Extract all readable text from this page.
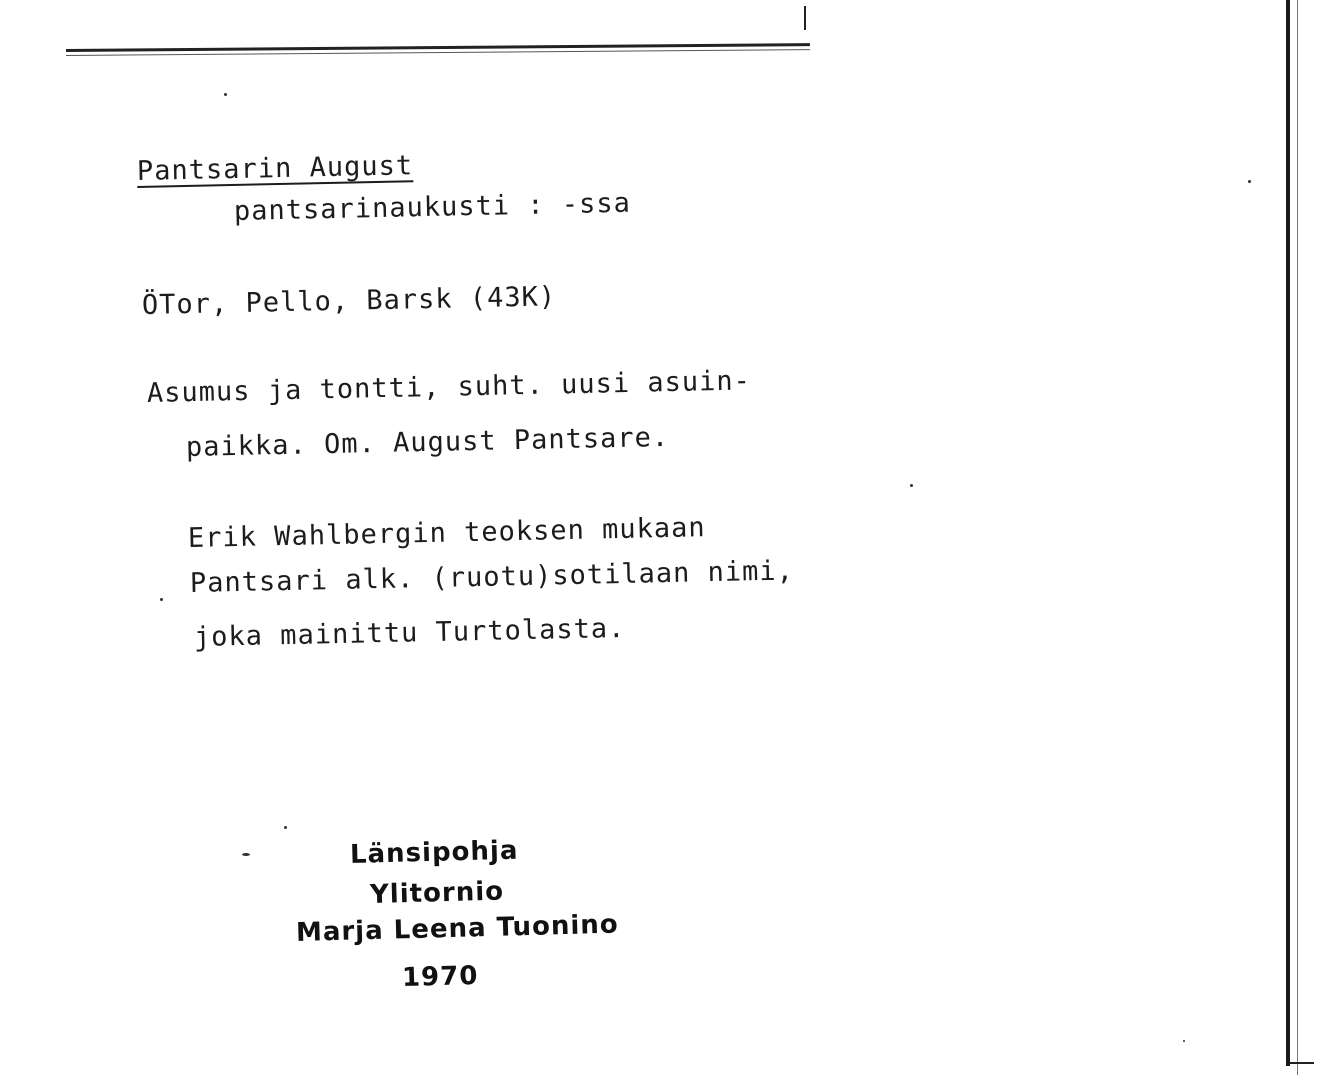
Pantsarin August
pantsarinaukusti : -ssa
ÖTor, Pello, Barsk (43K)
Asumus ja tontti, suht. uusi asuin-
paikka. Om. August Pantsare.
Erik Wahlbergin teoksen mukaan
Pantsari alk. (ruotu)sotilaan nimi,
joka mainittu Turtolasta.
Länsipohja
Ylitornio
Marja Leena Tuonino
1970
